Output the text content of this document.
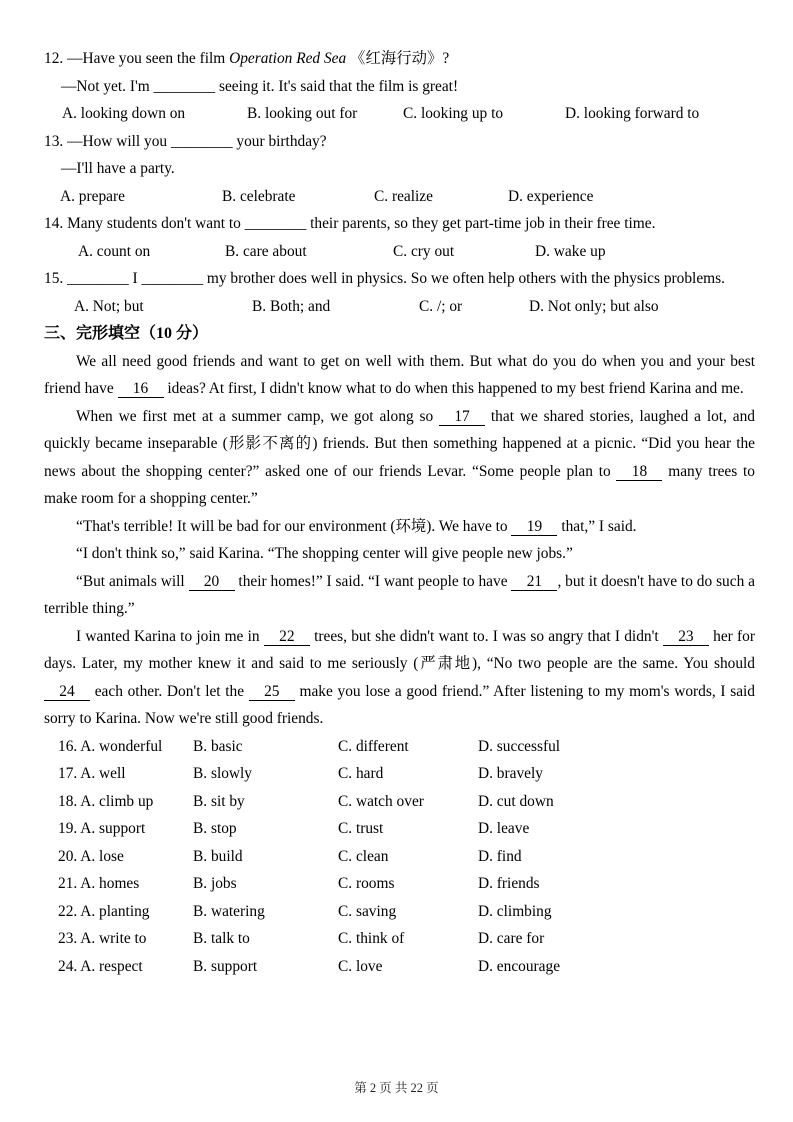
12. —Have you seen the film Operation Red Sea 《红海行动》?

—Not yet. I'm ________ seeing it. It's said that the film is great!

A. looking down on	B. looking out for	C. looking up to	D. looking forward to

13. —How will you ________ your birthday?

—I'll have a party.

A. prepare	B. celebrate	C. realize	D. experience

14. Many students don't want to ________ their parents, so they get part-time job in their free time.

A. count on	B. care about	C. cry out	D. wake up

15. ________ I ________ my brother does well in physics. So we often help others with the physics problems.

A. Not; but	B. Both; and	C. /; or	D. Not only; but also

三、完形填空（10 分）

We all need good friends and want to get on well with them. But what do you do when you and your best friend have 16 ideas? At first, I didn't know what to do when this happened to my best friend Karina and me.

When we first met at a summer camp, we got along so 17 that we shared stories, laughed a lot, and quickly became inseparable (形影不离的) friends. But then something happened at a picnic. “Did you hear the news about the shopping center?” asked one of our friends Levar. “Some people plan to 18 many trees to make room for a shopping center.”

“That's terrible! It will be bad for our environment (环境). We have to 19 that,” I said.

“I don't think so,” said Karina. “The shopping center will give people new jobs.”

“But animals will 20 their homes!” I said. “I want people to have 21 , but it doesn't have to do such a terrible thing.”

I wanted Karina to join me in 22 trees, but she didn't want to. I was so angry that I didn't 23 her for days. Later, my mother knew it and said to me seriously (严肃地), “No two people are the same. You should 24 each other. Don't let the 25 make you lose a good friend.” After listening to my mom's words, I said sorry to Karina. Now we're still good friends.

16. A. wonderful	B. basic	C. different	D. successful
17. A. well	B. slowly	C. hard	D. bravely
18. A. climb up	B. sit by	C. watch over	D. cut down
19. A. support	B. stop	C. trust	D. leave
20. A. lose	B. build	C. clean	D. find
21. A. homes	B. jobs	C. rooms	D. friends
22. A. planting	B. watering	C. saving	D. climbing
23. A. write to	B. talk to	C. think of	D. care for
24. A. respect	B. support	C. love	D. encourage
第 2 页 共 22 页
